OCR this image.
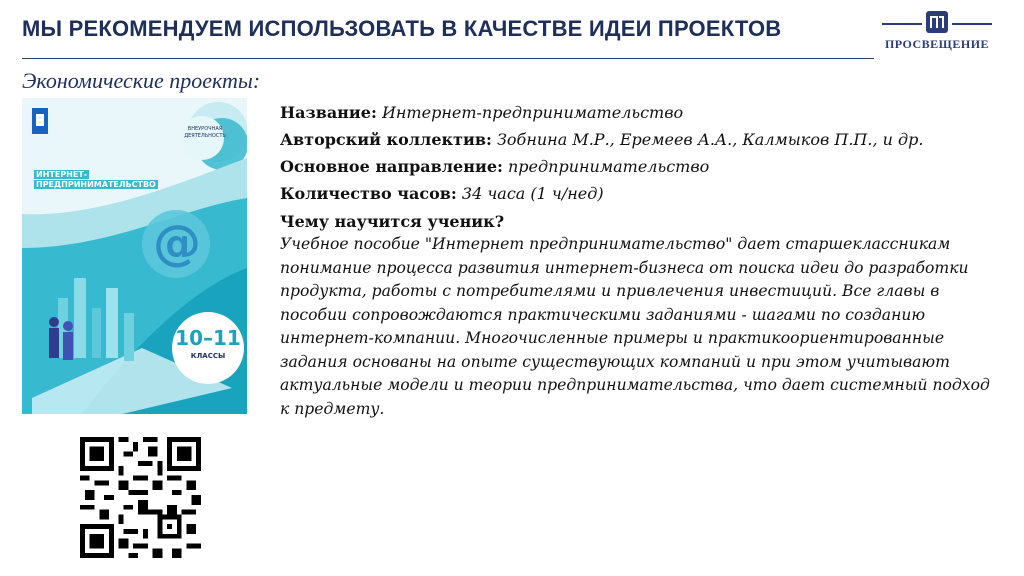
МЫ РЕКОМЕНДУЕМ ИСПОЛЬЗОВАТЬ В КАЧЕСТВЕ ИДЕИ ПРОЕКТОВ
ПРОСВЕЩЕНИЕ
Экономические проекты:
ВНЕУРОЧНАЯ ДЕЯТЕЛЬНОСТЬ
ИНТЕРНЕТ-
ПРЕДПРИНИМАТЕЛЬСТВО
@
10–11
КЛАССЫ
Название: Интернет-предпринимательство
Авторский коллектив: Зобнина М.Р., Еремеев А.А., Калмыков П.П., и др.
Основное направление: предпринимательство
Количество часов: 34 часа (1 ч/нед)
Чему научится ученик?
Учебное пособие "Интернет предпринимательство" дает старшеклассникам понимание процесса развития интернет-бизнеса от поиска идеи до разработки продукта, работы с потребителями и привлечения инвестиций. Все главы в пособии сопровождаются практическими заданиями - шагами по созданию интернет-компании. Многочисленные примеры и практикоориентированные задания основаны на опыте существующих компаний и при этом учитывают актуальные модели и теории предпринимательства, что дает системный подход к предмету.
